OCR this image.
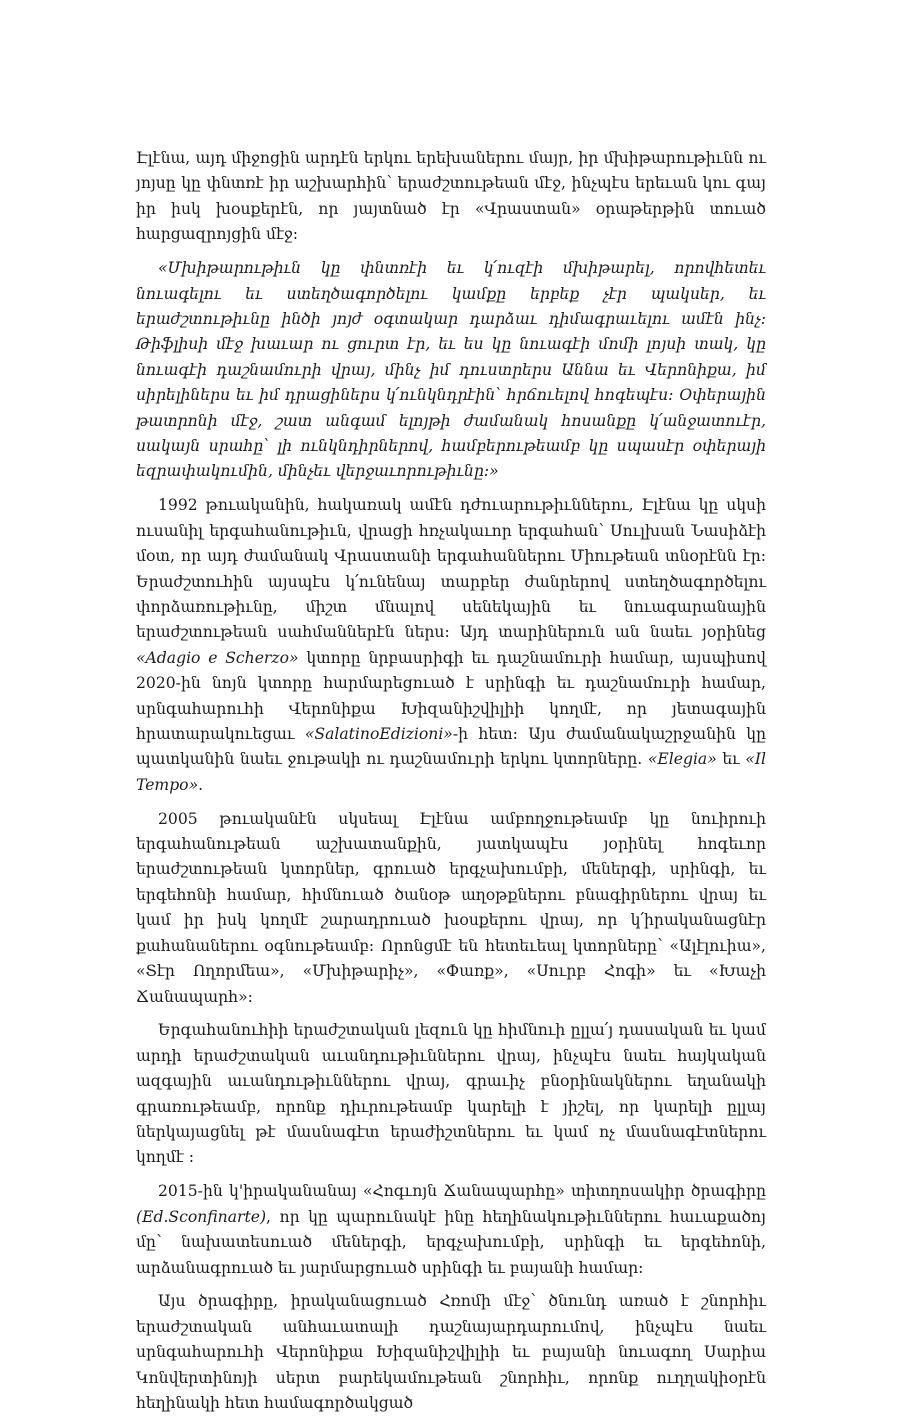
Էլէնա, այդ միջոցին արդէն երկու երեխաներու մայր, իր մխիթարութիւնն ու յոյսը կը փնտռէ իր աշխարհին՝ երաժշտութեան մէջ, ինչպէս երեւան կու գայ իր իսկ խօսքերէն, որ յայտնած էր «Վրաստան» օրաթերթին տուած հարցազրոյցին մէջ:

«Մխիթարութիւն կը փնտռէի եւ կ՛ուզէի մխիթարել, որովհետեւ նուագելու եւ ստեղծագործելու կամքը երբեք չէր պակսեր, եւ երաժշտութիւնը ինծի յոյժ օգտակար դարձաւ դիմագրաւելու ամէն ինչ: Թիֆլիսի մէջ խաւար ու ցուրտ էր, եւ ես կը նուագէի մոմի լոյսի տակ, կը նուագէի դաշնամուրի վրայ, մինչ իմ դուստրերս Աննա եւ Վերոնիքա, իմ սիրելիներս եւ իմ դրացիներս կ՛ունկնդրէին՝ հրճուելով հոգեպէս: Օփերային թատրոնի մէջ, շատ անգամ ելոյթի ժամանակ հոսանքը կ՛անջատուէր, սակայն սրահը՝ լի ունկնդիրներով, համբերութեամբ կը սպասէր օփերայի եզրափակումին, մինչեւ վերջաւորութիւնը:»

1992 թուականին, հակառակ ամէն դժուարութիւններու, Էլէնա կը սկսի ուսանիլ երգահանութիւն, վրացի հռչակաւոր երգահան՝ Սուլխան Նասիձէի մօտ, որ այդ ժամանակ Վրաստանի երգահաններու Միութեան տնօրէնն էր: Երաժշտուհին այսպէս կ՛ունենայ տարբեր ժանրերով ստեղծագործելու փորձառութիւնը, միշտ մնալով սենեկային եւ նուագարանային երաժշտութեան սահմաններէն ներս: Այդ տարիներուն ան նաեւ յօրինեց «Adagio e Scherzo» կտորը նրբասրիգի եւ դաշնամուրի համար, այսպիսով 2020-ին նոյն կտորը հարմարեցուած է սրինգի եւ դաշնամուրի համար, սրնգահարուհի Վերոնիքա Խիզանիշվիլիի կողմէ, որ յետագային հրատարակուեցաւ «SalatinoEdizioni»-ի հետ: Այս ժամանակաշրջանին կը պատկանին նաեւ ջութակի ու դաշնամուրի երկու կտորները. «Elegia» եւ «Il Tempo».

2005 թուականէն սկսեալ Էլէնա ամբողջութեամբ կը նուիրուի երգահանութեան աշխատանքին, յատկապէս յօրինել հոգեւոր երաժշտութեան կտորներ, գրուած երգչախումբի, մեներգի, սրինգի, եւ երգեհոնի համար, հիմնուած ծանօթ աղօթքներու բնագիրներու վրայ եւ կամ իր իսկ կողմէ շարադրուած խօսքերու վրայ, որ կ՛իրականացնէր քահանաներու օգնութեամբ: Որոնցմէ են հետեւեալ կտորները՝ «Ալէլուիա», «Տէր Ողորմեա», «Մխիթարիչ», «Փառք», «Սուրբ Հոգի» եւ «Խաչի Ճանապարհ»:

Երգահանուհիի երաժշտական լեզուն կը հիմնուի ըլլա՛յ դասական եւ կամ արդի երաժշտական աւանդութիւններու վրայ, ինչպէս նաեւ հայկական ազգային աւանդութիւններու վրայ, գրաւիչ բնօրինակներու եղանակի գրառութեամբ, որոնք դիւրութեամբ կարելի է յիշել, որ կարելի ըլլայ ներկայացնել թէ մասնագէտ երաժիշտներու եւ կամ ոչ մասնագէտներու կողմէ :

2015-ին կ'իրականանայ «Հոգւոյն Ճանապարհը» տիտղոսակիր ծրագիրը (Ed.Sconfinarte), որ կը պարունակէ ինը հեղինակութիւններու հաւաքածոյ մը՝ նախատեսուած մեներգի, երգչախումբի, սրինգի եւ երգեհոնի, արձանագրուած եւ յարմարցուած սրինգի եւ բայանի համար:

Այս ծրագիրը, իրականացուած Հռոմի մէջ՝ ծնունդ առած է շնորհիւ երաժշտական անհաւատալի դաշնայարդարումով, ինչպէս նաեւ սրնգահարուհի Վերոնիքա Խիզանիշվիլիի եւ բայանի նուագող Սարիա Կոնվերտինոյի սերտ բարեկամութեան շնորհիւ, որոնք ուղղակիօրէն հեղինակի հետ համագործակցած
